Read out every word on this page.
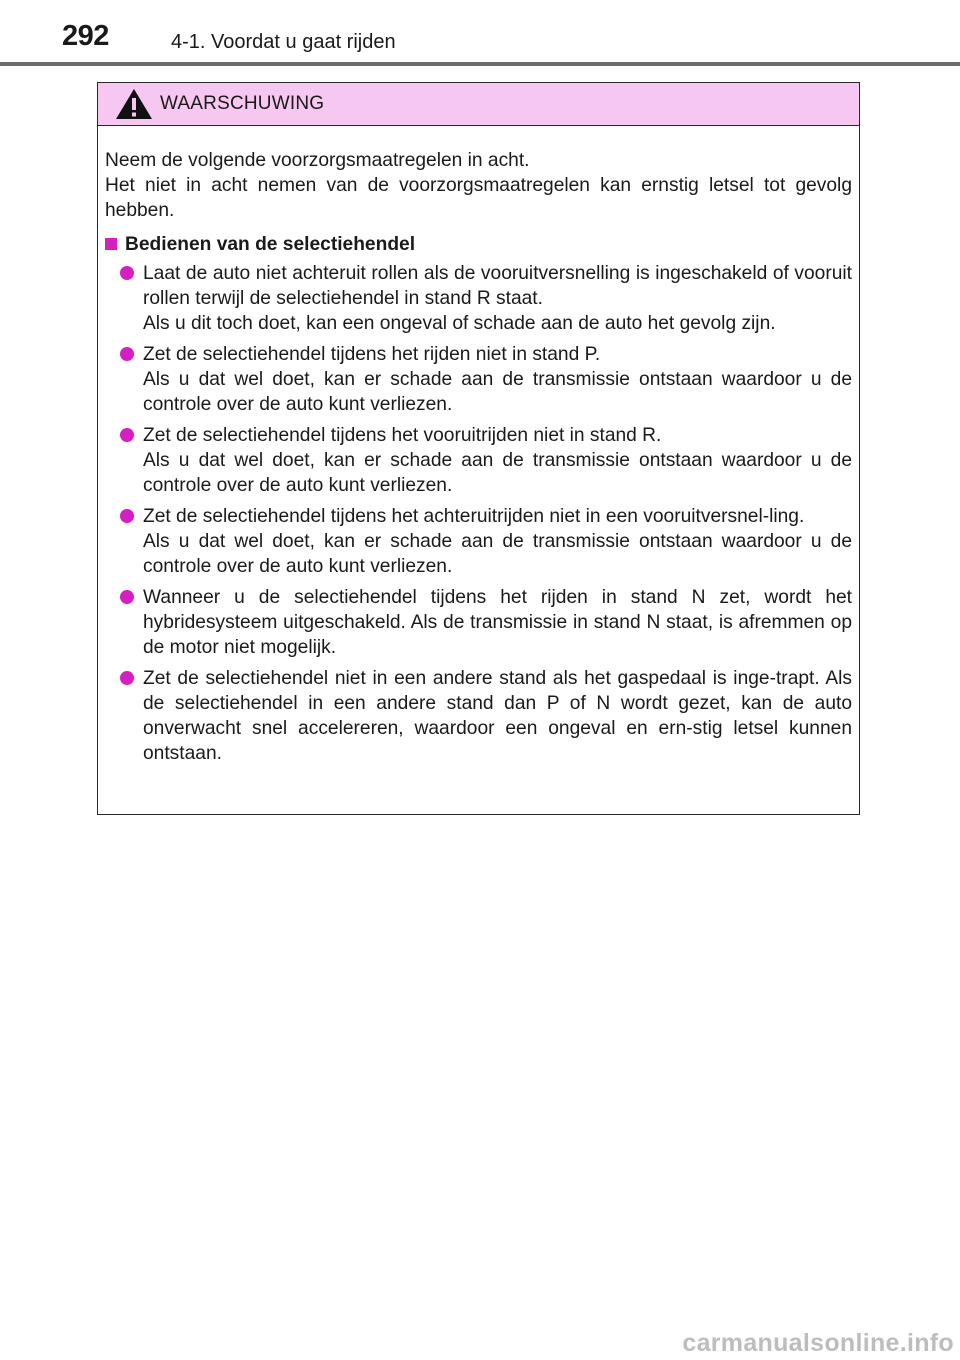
292	4-1. Voordat u gaat rijden
WAARSCHUWING

Neem de volgende voorzorgsmaatregelen in acht.

Het niet in acht nemen van de voorzorgsmaatregelen kan ernstig letsel tot gevolg hebben.

Bedienen van de selectiehendel

Laat de auto niet achteruit rollen als de vooruitversnelling is ingeschakeld of vooruit rollen terwijl de selectiehendel in stand R staat.

Als u dit toch doet, kan een ongeval of schade aan de auto het gevolg zijn.

Zet de selectiehendel tijdens het rijden niet in stand P.

Als u dat wel doet, kan er schade aan de transmissie ontstaan waardoor u de controle over de auto kunt verliezen.

Zet de selectiehendel tijdens het vooruitrijden niet in stand R.

Als u dat wel doet, kan er schade aan de transmissie ontstaan waardoor u de controle over de auto kunt verliezen.

Zet de selectiehendel tijdens het achteruitrijden niet in een vooruitversnel-ling.

Als u dat wel doet, kan er schade aan de transmissie ontstaan waardoor u de controle over de auto kunt verliezen.

Wanneer u de selectiehendel tijdens het rijden in stand N zet, wordt het hybridesysteem uitgeschakeld. Als de transmissie in stand N staat, is afremmen op de motor niet mogelijk.

Zet de selectiehendel niet in een andere stand als het gaspedaal is inge-trapt. Als de selectiehendel in een andere stand dan P of N wordt gezet, kan de auto onverwacht snel accelereren, waardoor een ongeval en ern-stig letsel kunnen ontstaan.

carmanualsonline.info
